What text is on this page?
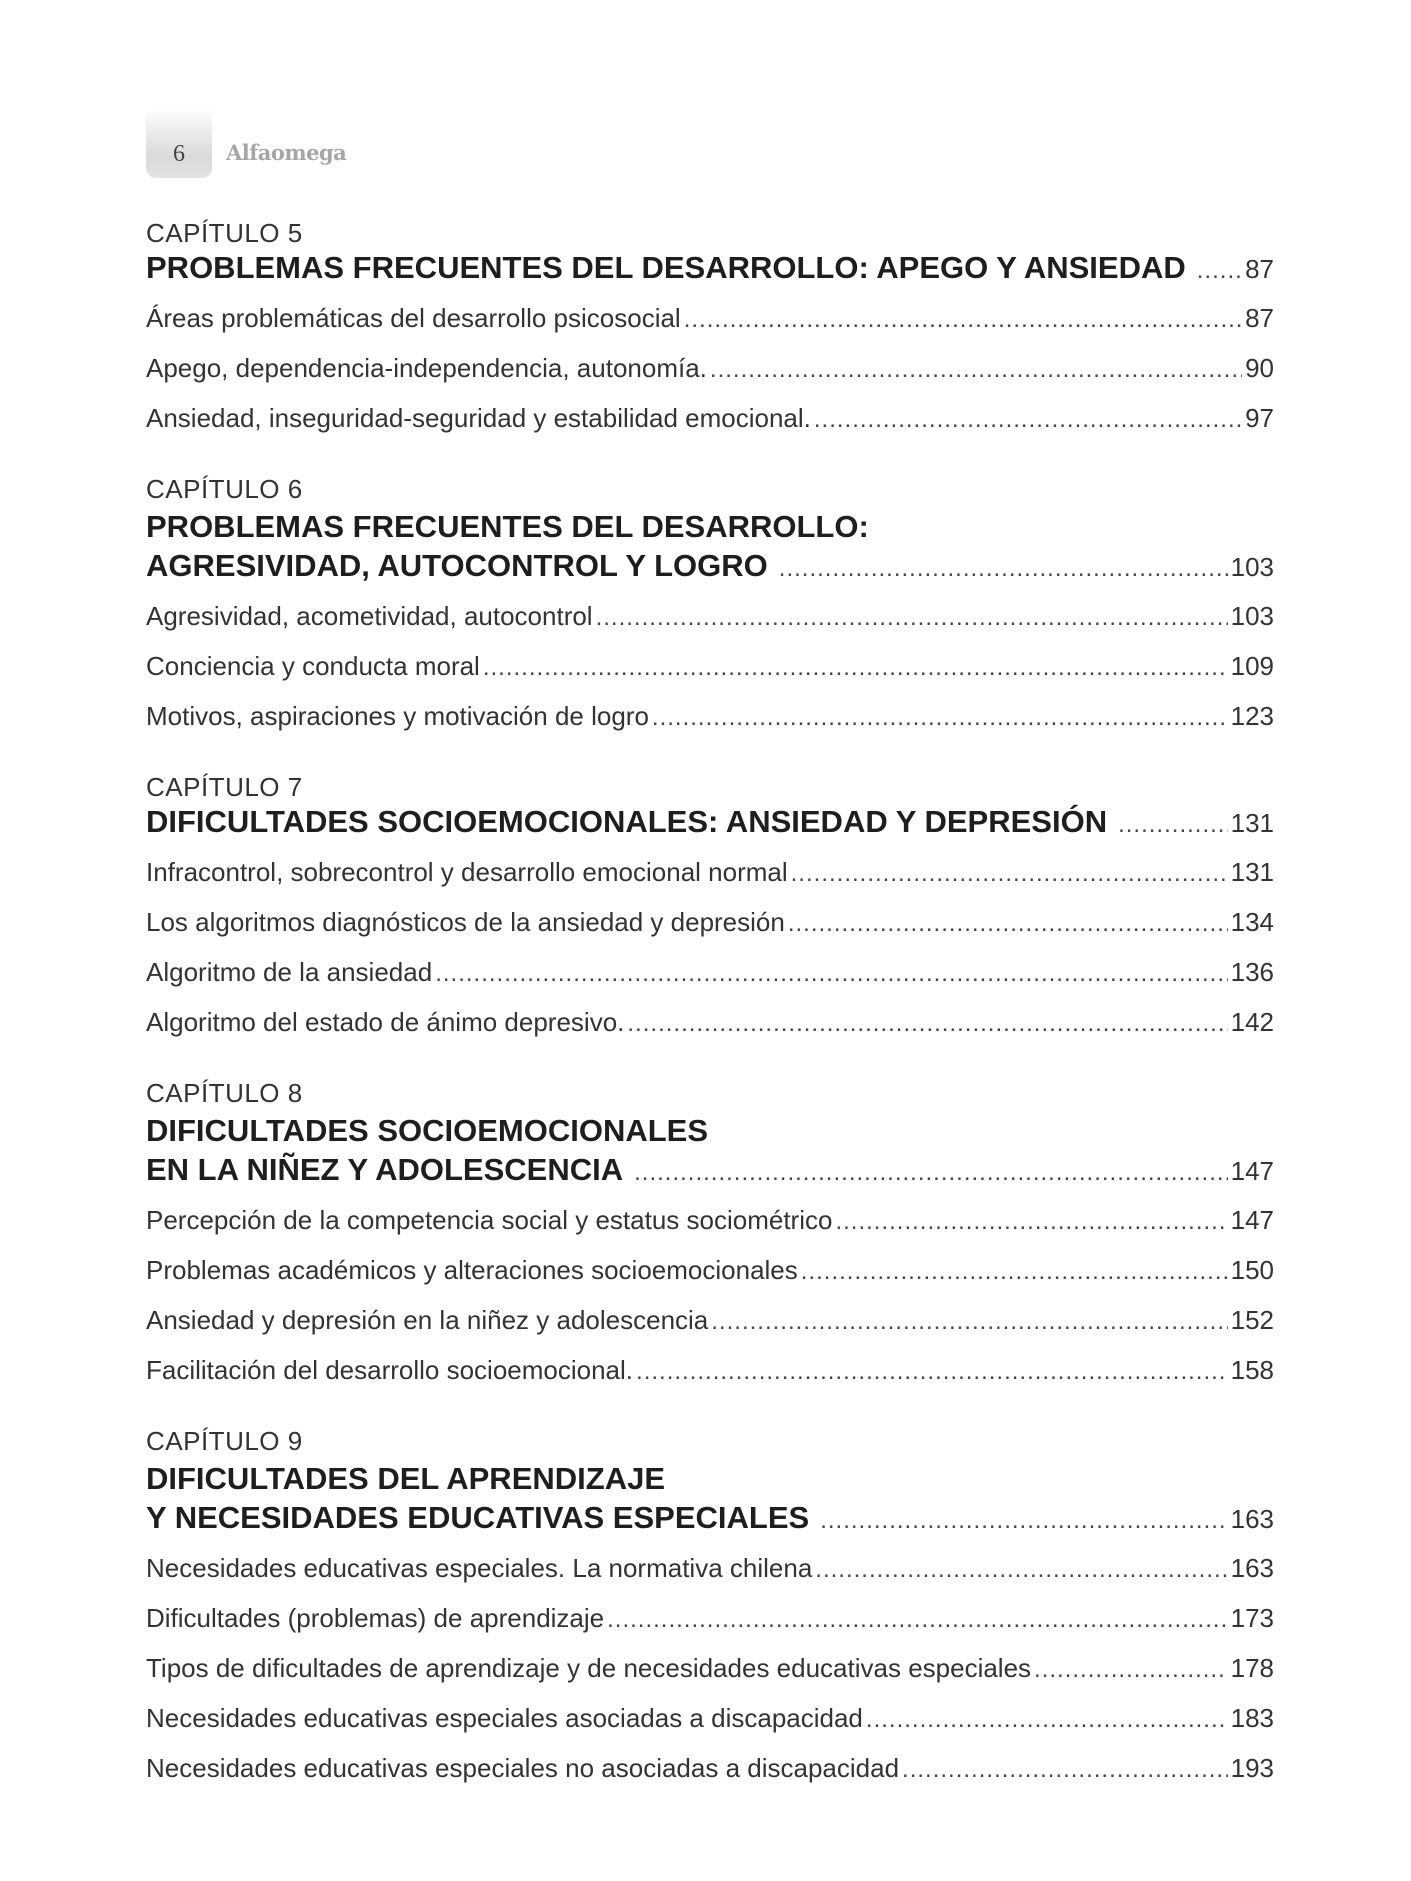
6 Alfaomega
CAPÍTULO 5
PROBLEMAS FRECUENTES DEL DESARROLLO: APEGO Y ANSIEDAD .....	87
Áreas problemáticas del desarrollo psicosocial .....	87
Apego, dependencia-independencia, autonomía. .....	90
Ansiedad, inseguridad-seguridad y estabilidad emocional. .....	97
CAPÍTULO 6
PROBLEMAS FRECUENTES DEL DESARROLLO:
AGRESIVIDAD, AUTOCONTROL Y LOGRO .....	103
Agresividad, acometividad, autocontrol .....	103
Conciencia y conducta moral .....	109
Motivos, aspiraciones y motivación de logro .....	123
CAPÍTULO 7
DIFICULTADES SOCIOEMOCIONALES: ANSIEDAD Y DEPRESIÓN .....	131
Infracontrol, sobrecontrol y desarrollo emocional normal .....	131
Los algoritmos diagnósticos de la ansiedad y depresión .....	134
Algoritmo de la ansiedad .....	136
Algoritmo del estado de ánimo depresivo. .....	142
CAPÍTULO 8
DIFICULTADES SOCIOEMOCIONALES
EN LA NIÑEZ Y ADOLESCENCIA .....	147
Percepción de la competencia social y estatus sociométrico .....	147
Problemas académicos y alteraciones socioemocionales .....	150
Ansiedad y depresión en la niñez y adolescencia .....	152
Facilitación del desarrollo socioemocional. .....	158
CAPÍTULO 9
DIFICULTADES DEL APRENDIZAJE
Y NECESIDADES EDUCATIVAS ESPECIALES .....	163
Necesidades educativas especiales. La normativa chilena .....	163
Dificultades (problemas) de aprendizaje .....	173
Tipos de dificultades de aprendizaje y de necesidades educativas especiales .....	178
Necesidades educativas especiales asociadas a discapacidad .....	183
Necesidades educativas especiales no asociadas a discapacidad .....	193
